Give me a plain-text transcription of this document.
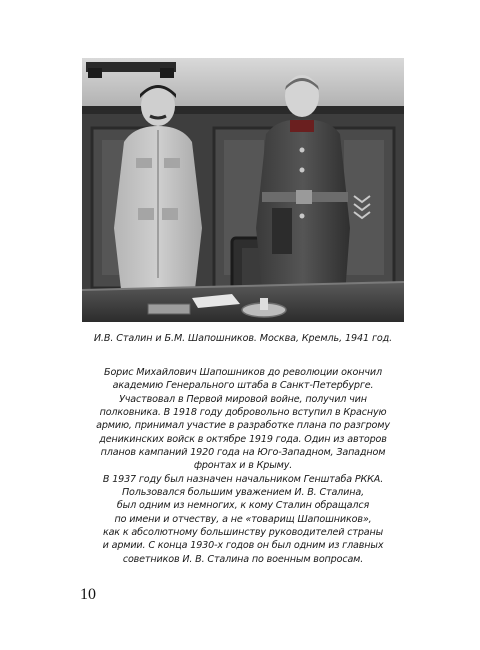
И.В. Сталин и Б.М. Шапошников. Москва, Кремль, 1941 год.
Борис Михайлович Шапошников до революции окончил
академию Генерального штаба в Санкт-Петербурге.
Участвовал в Первой мировой войне, получил чин
полковника. В 1918 году добровольно вступил в Красную
армию, принимал участие в разработке плана по разгрому
деникинских войск в октябре 1919 года. Один из авторов
планов кампаний 1920 года на Юго-Западном, Западном
фронтах и в Крыму.
В 1937 году был назначен начальником Генштаба РККА.
Пользовался большим уважением И. В. Сталина,
был одним из немногих, к кому Сталин обращался
по имени и отчеству, а не «товарищ Шапошников»,
как к абсолютному большинству руководителей страны
и армии. С конца 1930-х годов он был одним из главных
советников И. В. Сталина по военным вопросам.
10
